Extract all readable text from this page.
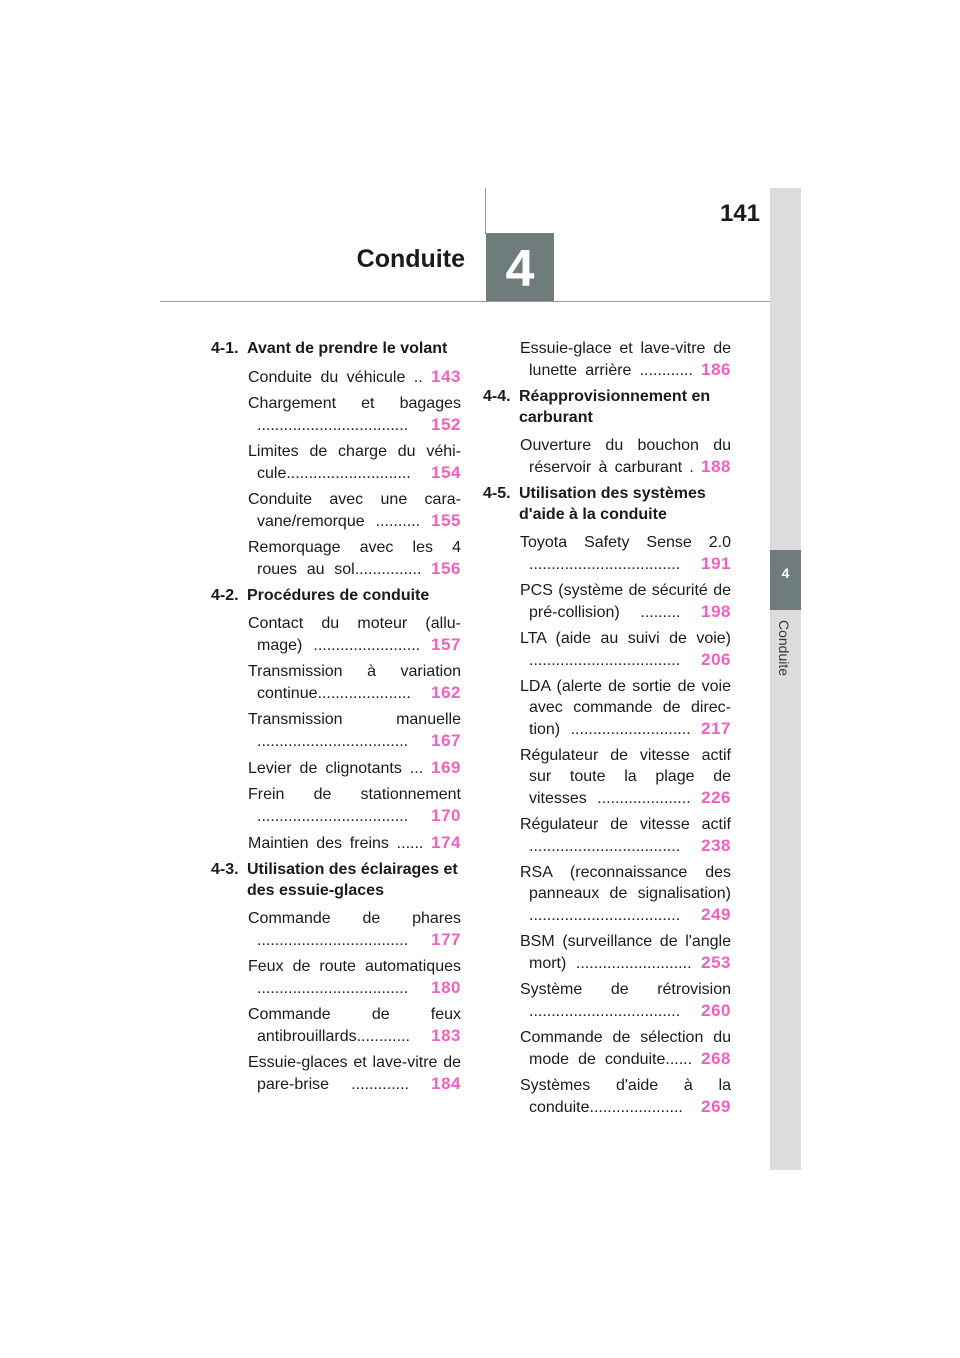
141
Conduite 4
4
Conduite
4-1. Avant de prendre le volant
Conduite du véhicule .. 143
Chargement et bagages .................................. 152
Limites de charge du véhi-cule............................ 154
Conduite avec une cara-vane/remorque .......... 155
Remorquage avec les 4 roues au sol............... 156
4-2. Procédures de conduite
Contact du moteur (allu-mage) ........................ 157
Transmission à variation continue..................... 162
Transmission manuelle .................................. 167
Levier de clignotants ... 169
Frein de stationnement .................................. 170
Maintien des freins ...... 174
4-3. Utilisation des éclairages et des essuie-glaces
Commande de phares .................................. 177
Feux de route automatiques .................................. 180
Commande de feux antibrouillards............ 183
Essuie-glaces et lave-vitre de pare-brise ............. 184
Essuie-glace et lave-vitre de lunette arrière ............ 186
4-4. Réapprovisionnement en carburant
Ouverture du bouchon du réservoir à carburant . 188
4-5. Utilisation des systèmes d'aide à la conduite
Toyota Safety Sense 2.0 .................................. 191
PCS (système de sécurité de pré-collision) ......... 198
LTA (aide au suivi de voie) .................................. 206
LDA (alerte de sortie de voie avec commande de direc-tion) ........................... 217
Régulateur de vitesse actif sur toute la plage de vitesses ..................... 226
Régulateur de vitesse actif .................................. 238
RSA (reconnaissance des panneaux de signalisation) .................................. 249
BSM (surveillance de l'angle mort) .......................... 253
Système de rétrovision .................................. 260
Commande de sélection du mode de conduite...... 268
Systèmes d'aide à la conduite..................... 269
